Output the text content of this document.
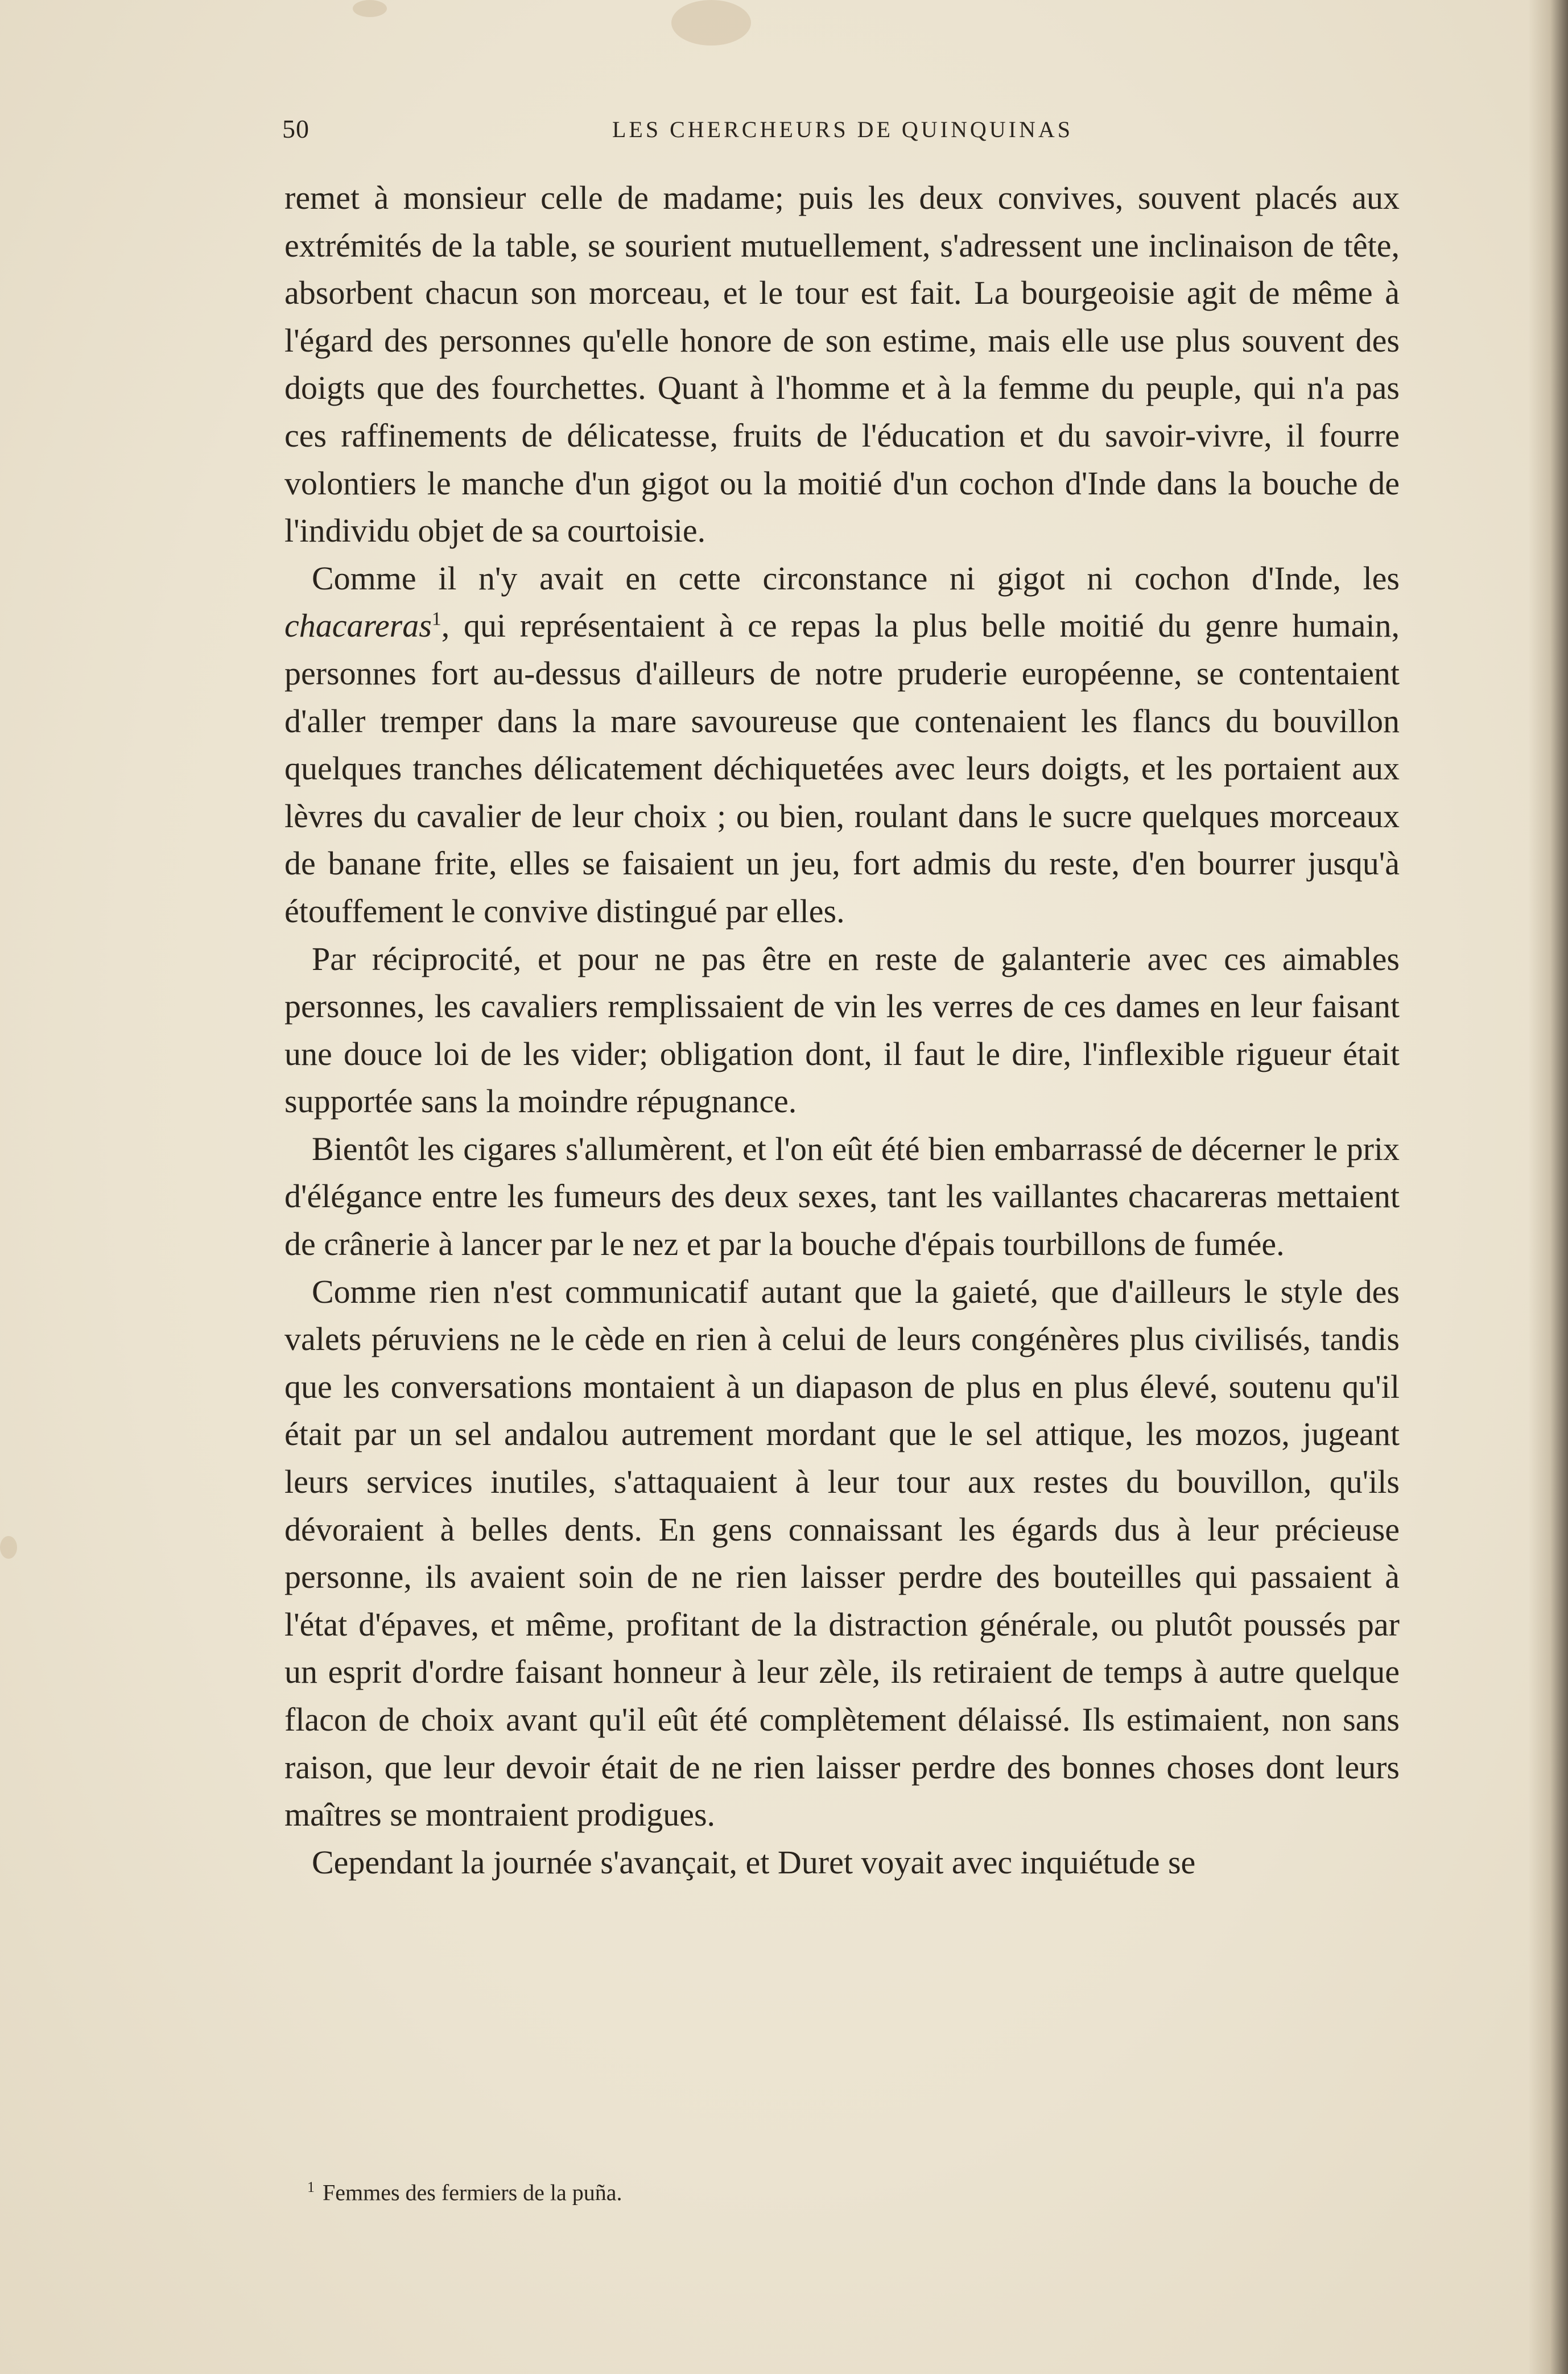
50	LES CHERCHEURS DE QUINQUINAS

remet à monsieur celle de madame; puis les deux convives, souvent placés aux extrémités de la table, se sourient mutuellement, s'adressent une inclinaison de tête, absorbent chacun son morceau, et le tour est fait. La bourgeoisie agit de même à l'égard des personnes qu'elle honore de son estime, mais elle use plus souvent des doigts que des fourchettes. Quant à l'homme et à la femme du peuple, qui n'a pas ces raffinements de délicatesse, fruits de l'éducation et du savoir-vivre, il fourre volontiers le manche d'un gigot ou la moitié d'un cochon d'Inde dans la bouche de l'individu objet de sa courtoisie.

Comme il n'y avait en cette circonstance ni gigot ni cochon d'Inde, les chacareras$^1$, qui représentaient à ce repas la plus belle moitié du genre humain, personnes fort au-dessus d'ailleurs de notre pruderie européenne, se contentaient d'aller tremper dans la mare savoureuse que contenaient les flancs du bouvillon quelques tranches délicatement déchiquetées avec leurs doigts, et les portaient aux lèvres du cavalier de leur choix ; ou bien, roulant dans le sucre quelques morceaux de banane frite, elles se faisaient un jeu, fort admis du reste, d'en bourrer jusqu'à étouffement le convive distingué par elles.

Par réciprocité, et pour ne pas être en reste de galanterie avec ces aimables personnes, les cavaliers remplissaient de vin les verres de ces dames en leur faisant une douce loi de les vider; obligation dont, il faut le dire, l'inflexible rigueur était supportée sans la moindre répugnance.

Bientôt les cigares s'allumèrent, et l'on eût été bien embarrassé de décerner le prix d'élégance entre les fumeurs des deux sexes, tant les vaillantes chacareras mettaient de crânerie à lancer par le nez et par la bouche d'épais tourbillons de fumée.

Comme rien n'est communicatif autant que la gaieté, que d'ailleurs le style des valets péruviens ne le cède en rien à celui de leurs congénères plus civilisés, tandis que les conversations montaient à un diapason de plus en plus élevé, soutenu qu'il était par un sel andalou autrement mordant que le sel attique, les mozos, jugeant leurs services inutiles, s'attaquaient à leur tour aux restes du bouvillon, qu'ils dévoraient à belles dents. En gens connaissant les égards dus à leur précieuse personne, ils avaient soin de ne rien laisser perdre des bouteilles qui passaient à l'état d'épaves, et même, profitant de la distraction générale, ou plutôt poussés par un esprit d'ordre faisant honneur à leur zèle, ils retiraient de temps à autre quelque flacon de choix avant qu'il eût été complètement délaissé. Ils estimaient, non sans raison, que leur devoir était de ne rien laisser perdre des bonnes choses dont leurs maîtres se montraient prodigues.

Cependant la journée s'avançait, et Duret voyait avec inquiétude se

$^1$ Femmes des fermiers de la puña.
